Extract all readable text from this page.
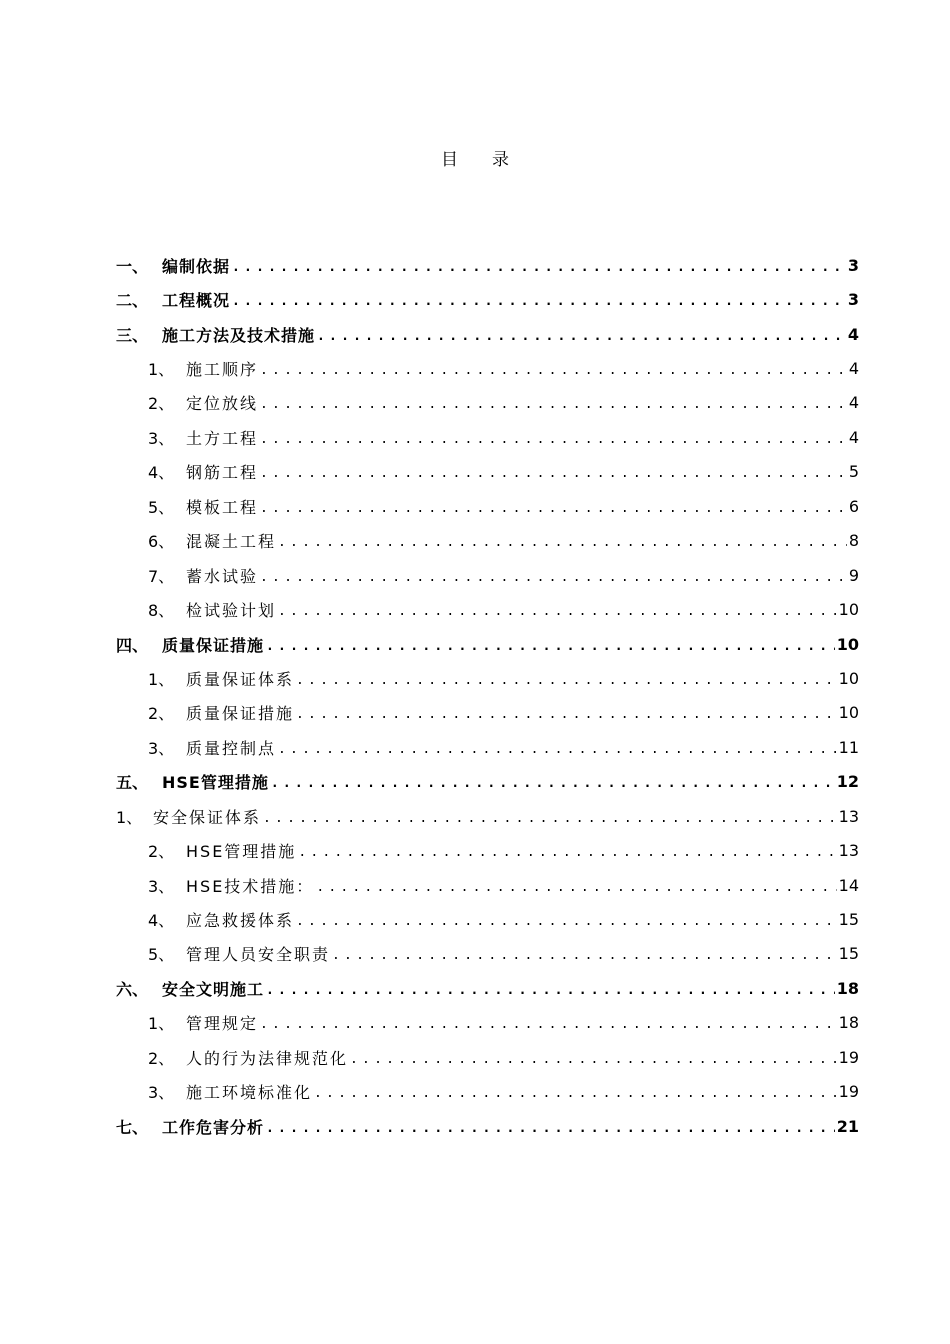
目 录
一、 编制依据 .....	3
二、 工程概况 .....	3
三、 施工方法及技术措施 .....	4
1、 施工顺序 .....	4
2、 定位放线 .....	4
3、 土方工程 .....	4
4、 钢筋工程 .....	5
5、 模板工程 .....	6
6、 混凝土工程 .....	8
7、 蓄水试验 .....	9
8、 检试验计划 .....	10
四、 质量保证措施 .....	10
1、 质量保证体系 .....	10
2、 质量保证措施 .....	10
3、 质量控制点 .....	11
五、 HSE管理措施 .....	12
1、 安全保证体系 .....	13
2、 HSE管理措施 .....	13
3、 HSE技术措施： .....	14
4、 应急救援体系 .....	15
5、 管理人员安全职责 .....	15
六、 安全文明施工 .....	18
1、 管理规定 .....	18
2、 人的行为法律规范化 .....	19
3、 施工环境标准化 .....	19
七、 工作危害分析 .....	21
